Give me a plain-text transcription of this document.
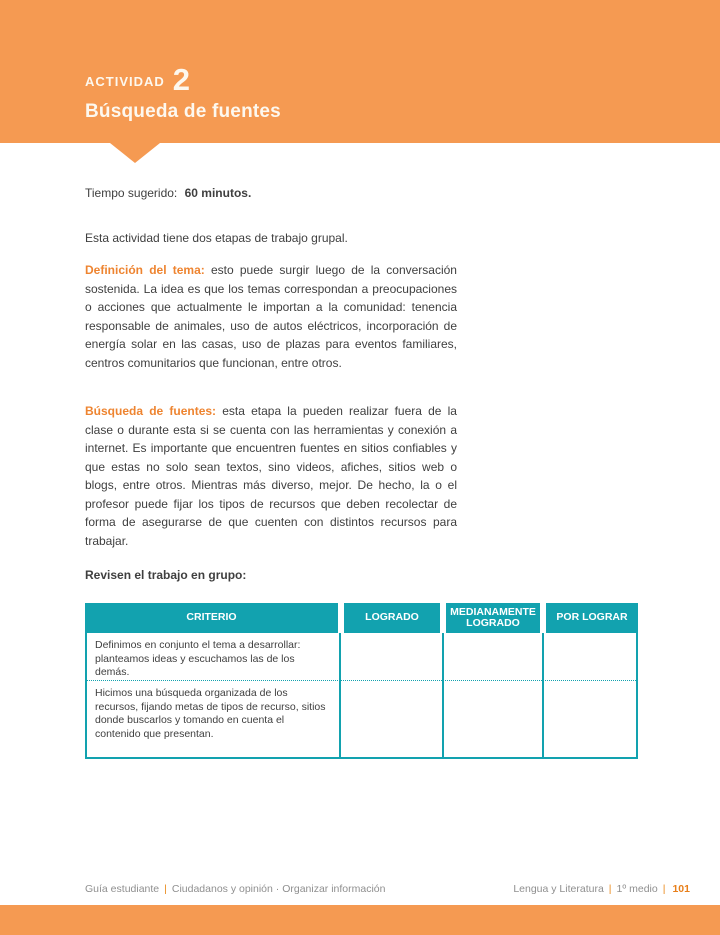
ACTIVIDAD 2
Búsqueda de fuentes
Tiempo sugerido: 60 minutos.
Esta actividad tiene dos etapas de trabajo grupal.
Definición del tema: esto puede surgir luego de la conversación sostenida. La idea es que los temas correspondan a preocupaciones o acciones que actualmente le importan a la comunidad: tenencia responsable de animales, uso de autos eléctricos, incorporación de energía solar en las casas, uso de plazas para eventos familiares, centros comunitarios que funcionan, entre otros.
Búsqueda de fuentes: esta etapa la pueden realizar fuera de la clase o durante esta si se cuenta con las herramientas y conexión a internet. Es importante que encuentren fuentes en sitios confiables y que estas no solo sean textos, sino videos, afiches, sitios web o blogs, entre otros. Mientras más diverso, mejor. De hecho, la o el profesor puede fijar los tipos de recursos que deben recolectar de forma de asegurarse de que cuenten con distintos recursos para trabajar.
Revisen el trabajo en grupo:
CRITERIO	LOGRADO	MEDIANAMENTE LOGRADO	POR LOGRAR
Definimos en conjunto el tema a desarrollar: planteamos ideas y escuchamos las de los demás.
Hicimos una búsqueda organizada de los recursos, fijando metas de tipos de recurso, sitios donde buscarlos y tomando en cuenta el contenido que presentan.
Guía estudiante | Ciudadanos y opinión · Organizar información	Lengua y Literatura | 1º medio | 101
